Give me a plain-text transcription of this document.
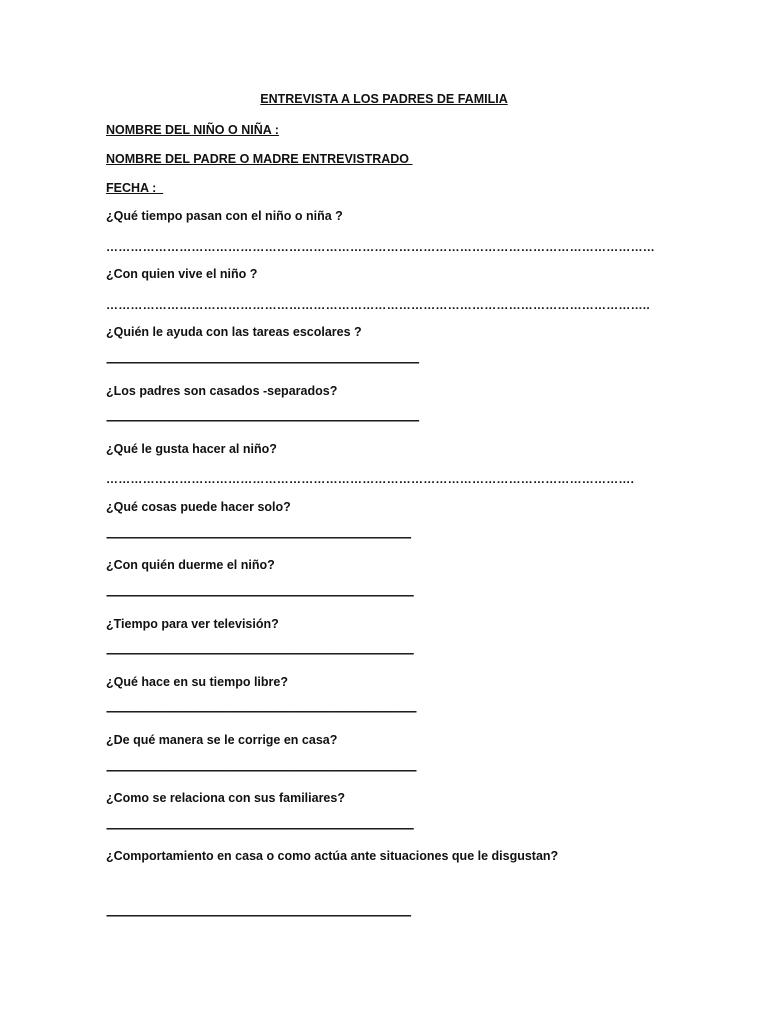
ENTREVISTA A LOS PADRES DE FAMILIA
NOMBRE DEL NIÑO O NIÑA :
NOMBRE DEL PADRE O MADRE ENTREVISTRADO
FECHA :
¿Qué tiempo pasan con el niño o niña ?
………………………………………………………………………………………………………………………
¿Con quien vive el niño ?
……………………………………………………………………………………………………………………..
¿Quién le ayuda con las tareas escolares ?
----------------------------------------------------------------------------------------------------------------------
¿Los padres son casados -separados?
----------------------------------------------------------------------------------------------------------------------
¿Qué le gusta hacer al niño?
………………………………………………………………………………………………………………….
¿Qué cosas puede hacer solo?
-------------------------------------------------------------------------------------------------------------------
¿Con quién duerme el niño?
--------------------------------------------------------------------------------------------------------------------
¿Tiempo para ver televisión?
--------------------------------------------------------------------------------------------------------------------
¿Qué hace en su tiempo libre?
---------------------------------------------------------------------------------------------------------------------
¿De qué manera se le corrige en casa?
---------------------------------------------------------------------------------------------------------------------
¿Como se relaciona con sus familiares?
--------------------------------------------------------------------------------------------------------------------
¿Comportamiento en casa o como actúa ante situaciones que le disgustan?
-------------------------------------------------------------------------------------------------------------------
